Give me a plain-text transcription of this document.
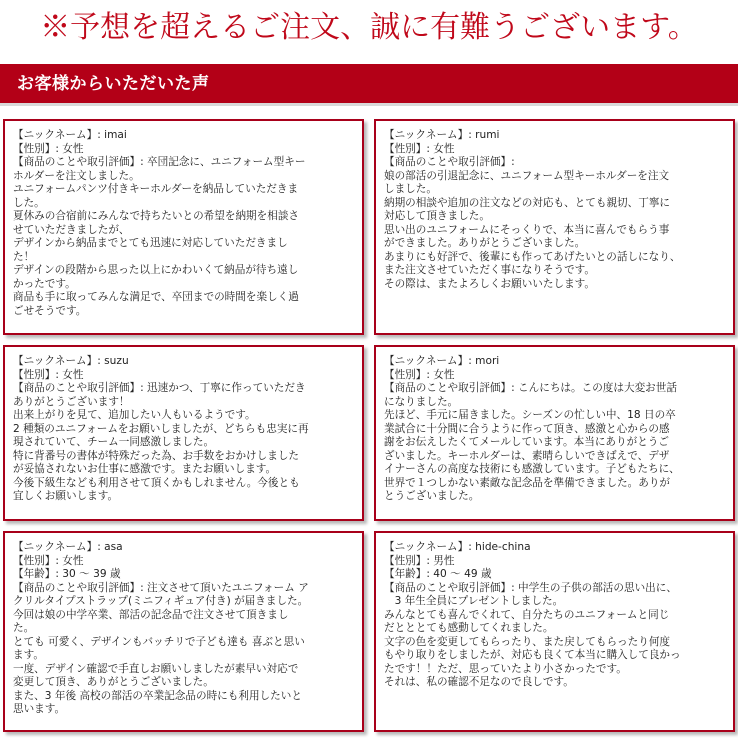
※予想を超えるご注文、誠に有難うございます。
お客様からいただいた声
【ニックネーム】: imai
【性別】: 女性
【商品のことや取引評価】: 卒団記念に、ユニフォーム型キー
ホルダーを注文しました。
ユニフォームパンツ付きキーホルダーを納品していただきま
した。
夏休みの合宿前にみんなで持ちたいとの希望を納期を相談さ
せていただきましたが、
デザインから納品までとても迅速に対応していただきまし
た！
デザインの段階から思った以上にかわいくて納品が待ち遠し
かったです。
商品も手に取ってみんな満足で、卒団までの時間を楽しく過
ごせそうです。
【ニックネーム】: rumi
【性別】: 女性
【商品のことや取引評価】:
娘の部活の引退記念に、ユニフォーム型キーホルダーを注文
しました。
納期の相談や追加の注文などの対応も、とても親切、丁寧に
対応して頂きました。
思い出のユニフォームにそっくりで、本当に喜んでもらう事
ができました。ありがとうございました。
あまりにも好評で、後輩にも作ってあげたいとの話しになり、
また注文させていただく事になりそうです。
その際は、またよろしくお願いいたします。
【ニックネーム】: suzu
【性別】: 女性
【商品のことや取引評価】: 迅速かつ、丁寧に作っていただき
ありがとうございます！
出来上がりを見て、追加したい人もいるようです。
2 種類のユニフォームをお願いしましたが、どちらも忠実に再
現されていて、チーム一同感激しました。
特に背番号の書体が特殊だった為、お手数をおかけしました
が妥協されないお仕事に感激です。またお願いします。
今後下級生なども利用させて頂くかもしれません。今後とも
宜しくお願いします。
【ニックネーム】: mori
【性別】: 女性
【商品のことや取引評価】: こんにちは。この度は大変お世話
になりました。
先ほど、手元に届きました。シーズンの忙しい中、18 日の卒
業試合に十分間に合うように作って頂き、感激と心からの感
謝をお伝えしたくてメールしています。本当にありがとうご
ざいました。キーホルダーは、素晴らしいできばえで、デザ
イナーさんの高度な技術にも感激しています。子どもたちに、
世界で１つしかない素敵な記念品を準備できました。ありが
とうございました。
【ニックネーム】: asa
【性別】: 女性
【年齢】: 30 ～ 39 歳
【商品のことや取引評価】: 注文させて頂いたユニフォーム ア
クリルタイプストラップ(ミニフィギュア付き) が届きました。
今回は娘の中学卒業、部活の記念品で注文させて頂きまし
た。
とても 可愛く、デザインもバッチリで子ども達も 喜ぶと思い
ます。
一度、デザイン確認で手直しお願いしましたが素早い対応で
変更して頂き、ありがとうございました。
また、3 年後 高校の部活の卒業記念品の時にも利用したいと
思います。
【ニックネーム】: hide-china
【性別】: 男性
【年齢】: 40 ～ 49 歳
【商品のことや取引評価】: 中学生の子供の部活の思い出に、
　3 年生全員にプレゼントしました。
みんなとても喜んでくれて、自分たちのユニフォームと同じ
だとととても感動してくれました。
文字の色を変更してもらったり、また戻してもらったり何度
もやり取りをしましたが、対応も良くて本当に購入して良かっ
たです！！ただ、思っていたより小さかったです。
それは、私の確認不足なので良しです。
